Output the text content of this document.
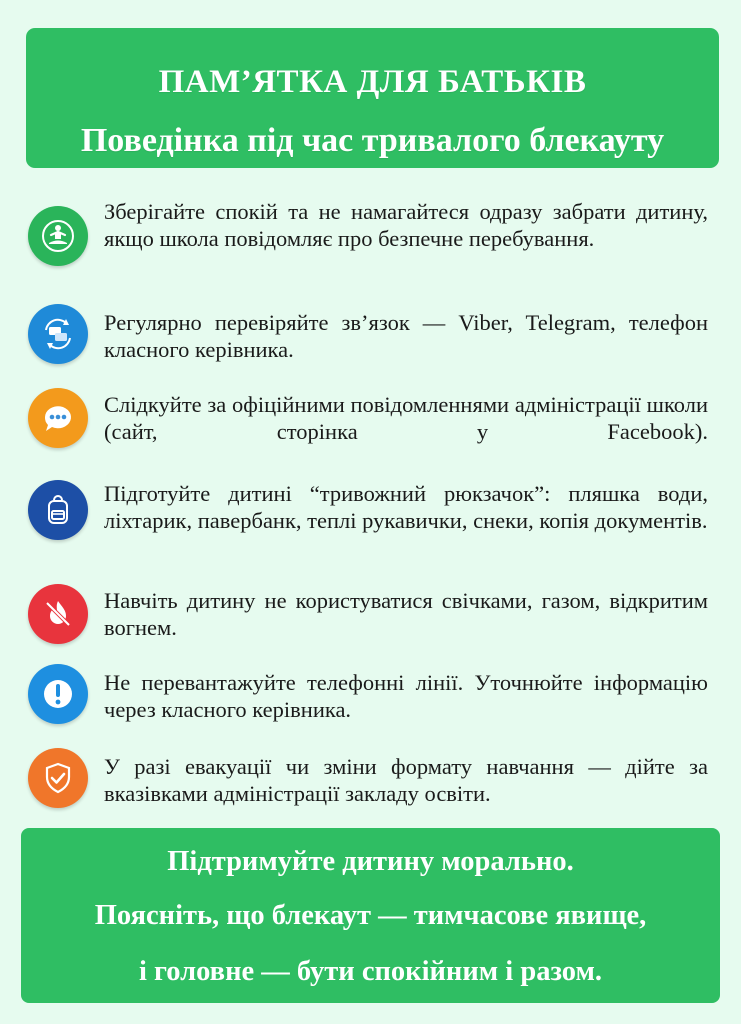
ПАМ’ЯТКА ДЛЯ БАТЬКІВ
Поведінка під час тривалого блекауту
Зберігайте спокій та не намагайтеся одразу забрати дитину, якщо школа повідомляє про безпечне перебування.
Регулярно перевіряйте зв’язок — Viber, Telegram, телефон класного керівника.
Слідкуйте за офіційними повідомленнями адміністрації школи (сайт, сторінка у Facebook).
Підготуйте дитині “тривожний рюкзачок”: пляшка води, ліхтарик, павербанк, теплі рукавички, снеки, копія документів.
Навчіть дитину не користуватися свічками, газом, відкритим вогнем.
Не перевантажуйте телефонні лінії. Уточнюйте інформацію через класного керівника.
У разі евакуації чи зміни формату навчання — дійте за вказівками адміністрації закладу освіти.
Підтримуйте дитину морально.
Поясніть, що блекаут — тимчасове явище,
і головне — бути спокійним і разом.
